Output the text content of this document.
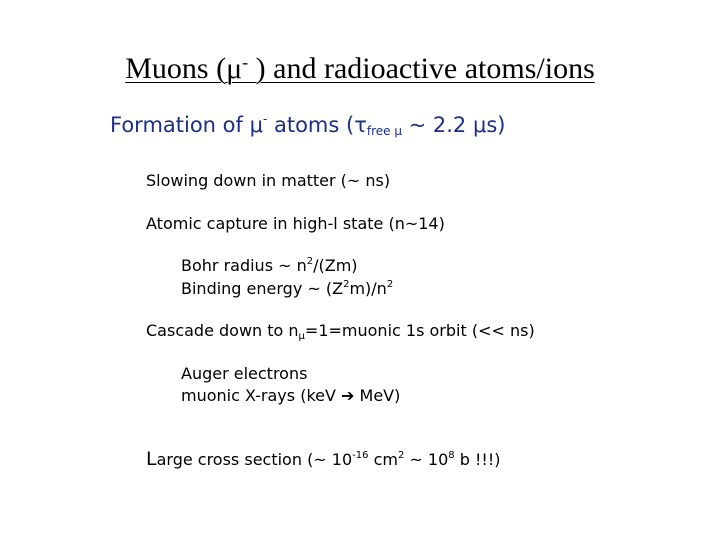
Muons (μ- ) and radioactive atoms/ions
Formation of μ- atoms ($\tau_{free \mu}$ ~ 2.2 μs)
Slowing down in matter (~ ns)
Atomic capture in high-l state (n~14)
Bohr radius ~ $n^2/(Zm)$
Binding energy ~ $(Z^2m)/n^2$
Cascade down to $n_\mu=1=muonic$ 1s orbit (<< ns)
Auger electrons
muonic X-rays (keV ➔ MeV)
Large cross section (~ $10^{-16}$ $cm^2$ ~ $10^8$ b !!!)
